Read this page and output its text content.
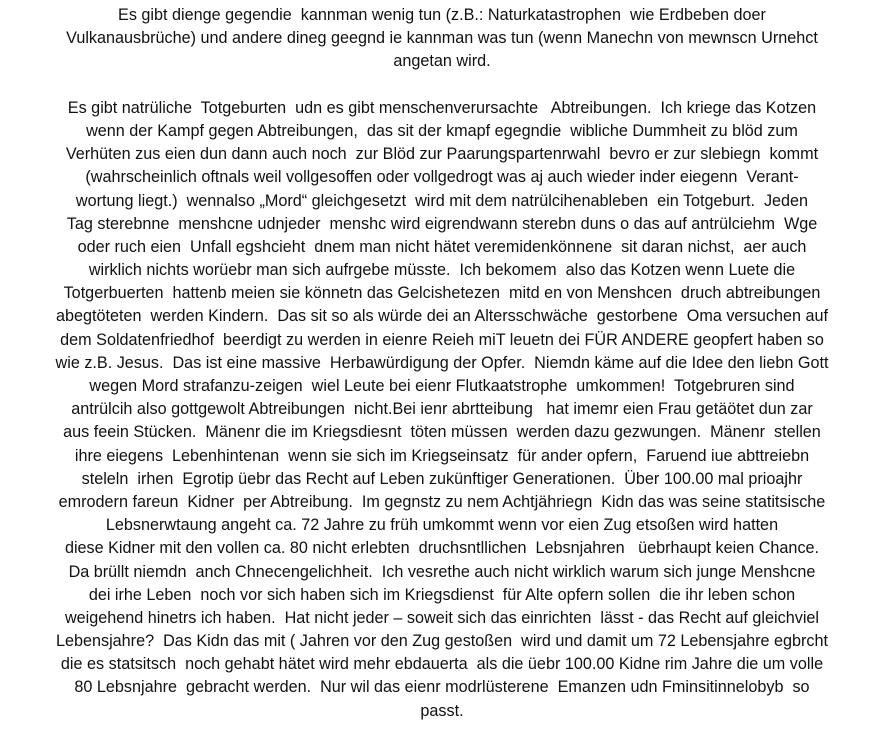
Es gibt dienge gegendie  kannman wenig tun (z.B.: Naturkatastrophen  wie Erdbeben doer
Vulkanausbrüche) und andere dineg geegnd ie kannman was tun (wenn Manechn von mewnscn Urnehct
angetan wird.
Es gibt natrüliche  Totgeburten  udn es gibt menschenverursachte   Abtreibungen.  Ich kriege das Kotzen
wenn der Kampf gegen Abtreibungen,  das sit der kmapf egegndie  wibliche Dummheit zu blöd zum
Verhüten zus eien dun dann auch noch  zur Blöd zur Paarungspartenrwahl  bevro er zur slebiegn  kommt
(wahrscheinlich oftnals weil vollgesoffen oder vollgedrogt was aj auch wieder inder eiegenn  Verant-
wortung liegt.)  wennalso „Mord“ gleichgesetzt  wird mit dem natrülcihenableben  ein Totgeburt.  Jeden
Tag sterebnne  menshcne udnjeder  menshc wird eigrendwann sterebn duns o das auf antrülciehm  Wge
oder ruch eien  Unfall egshcieht  dnem man nicht hätet veremidenkönnene  sit daran nichst,  aer auch
wirklich nichts worüebr man sich aufrgebe müsste.  Ich bekomem  also das Kotzen wenn Luete die
Totgerbuerten  hattenb meien sie könnetn das Gelcishetezen  mitd en von Menshcen  druch abtreibungen
abegtöteten  werden Kindern.  Das sit so als würde dei an Altersschwäche  gestorbene  Oma versuchen auf
dem Soldatenfriedhof  beerdigt zu werden in eienre Reieh miT leuetn dei FÜR ANDERE geopfert haben so
wie z.B. Jesus.  Das ist eine massive  Herbawürdigung der Opfer.  Niemdn käme auf die Idee den liebn Gott
wegen Mord strafanzu-zeigen  wiel Leute bei eienr Flutkaatstrophe  umkommen!  Totgebruren sind
antrülcih also gottgewolt Abtreibungen  nicht.Bei ienr abrtteibung   hat imemr eien Frau getäötet dun zar
aus feein Stücken.  Mänenr die im Kriegsdiesnt  töten müssen  werden dazu gezwungen.  Mänenr  stellen
ihre eiegens  Lebenhintenan  wenn sie sich im Kriegseinsatz  für ander opfern,  Faruend iue abttreiebn
steleln  irhen  Egrotip üebr das Recht auf Leben zukünftiger Generationen.  Über 100.00 mal prioajhr
emrodern fareun  Kidner  per Abtreibung.  Im gegnstz zu nem Achtjähriegn  Kidn das was seine statitsische
Lebsnerwtaung angeht ca. 72 Jahre zu früh umkommt wenn vor eien Zug etsoßen wird hatten
diese Kidner mit den vollen ca. 80 nicht erlebten  druchsntllichen  Lebsnjahren   üebrhaupt keien Chance.
Da brüllt niemdn  anch Chnecengelichheit.  Ich vesrethe auch nicht wirklich warum sich junge Menshcne
dei irhe Leben  noch vor sich haben sich im Kriegsdienst  für Alte opfern sollen  die ihr leben schon
weigehend hinetrs ich haben.  Hat nicht jeder – soweit sich das einrichten  lässt - das Recht auf gleichviel
Lebensjahre?  Das Kidn das mit ( Jahren vor den Zug gestoßen  wird und damit um 72 Lebensjahre egbrcht
die es statsitsch  noch gehabt hätet wird mehr ebdauerta  als die üebr 100.00 Kidne rim Jahre die um volle
80 Lebsnjahre  gebracht werden.  Nur wil das eienr modrlüsterene  Emanzen udn Fminsitinnelobyb  so
passt.
